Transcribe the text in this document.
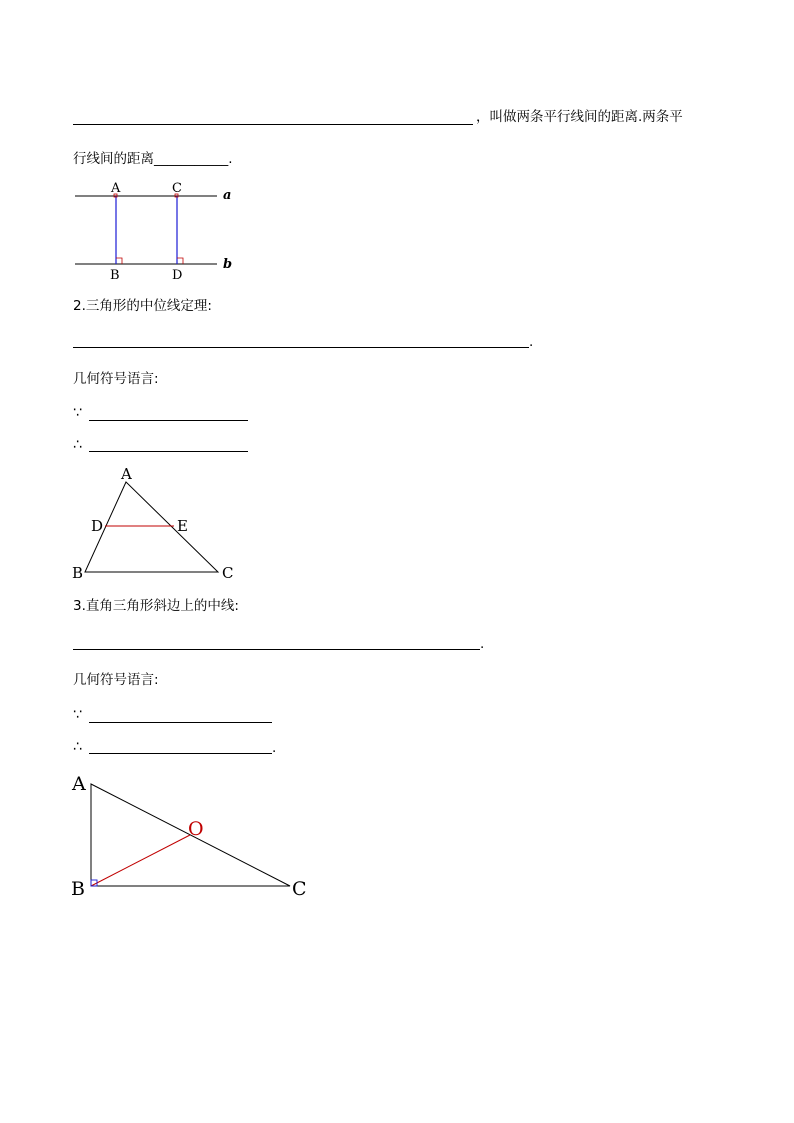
，叫做两条平行线间的距离.两条平
行线间的距离___________.
A	C
B	D
a
b
2.三角形的中位线定理:
.
几何符号语言:
∵
∴
A
D	E
B	C
3.直角三角形斜边上的中线:
.
几何符号语言:
∵
∴	.
A
O
B	C
